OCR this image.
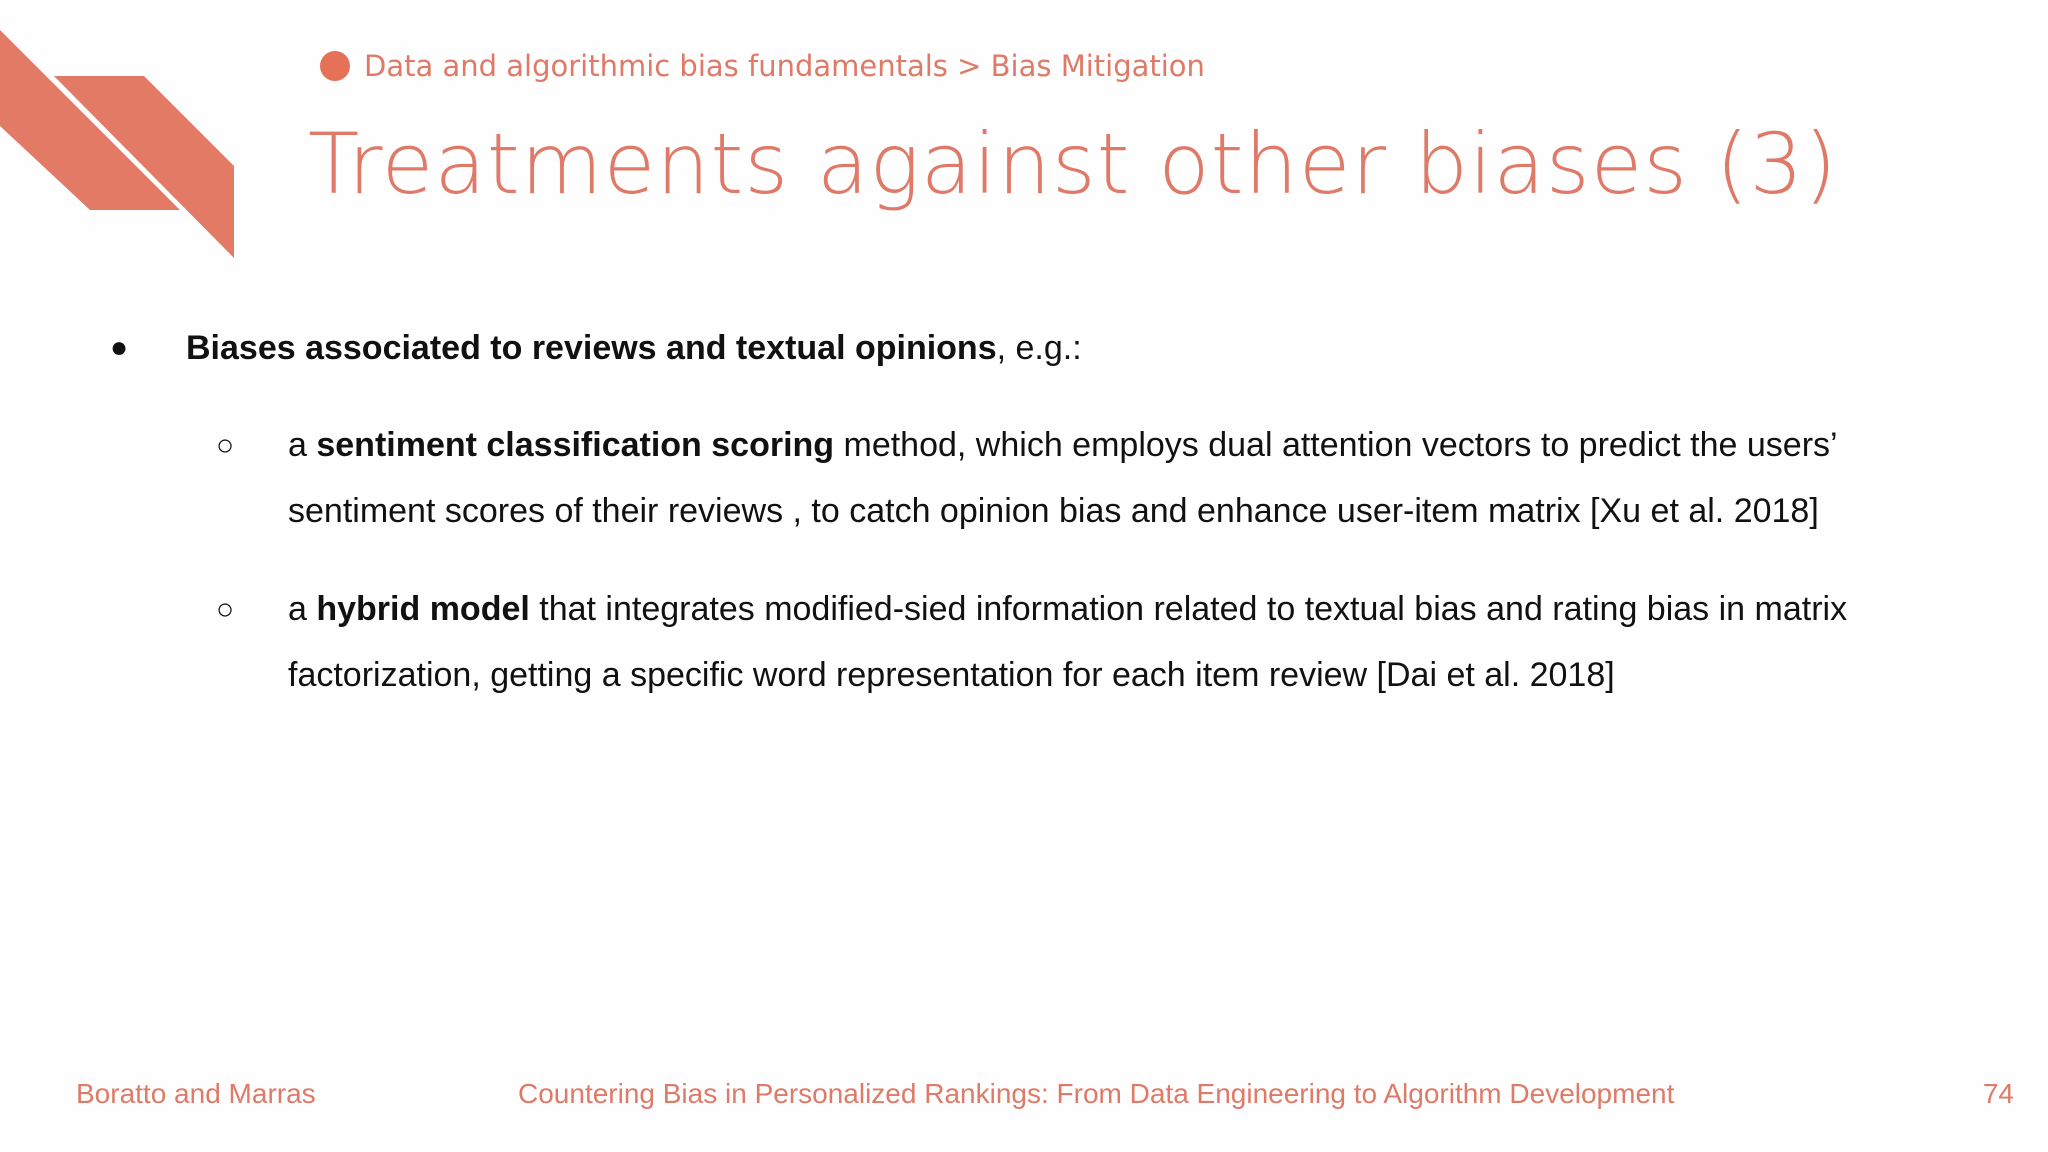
Data and algorithmic bias fundamentals > Bias Mitigation
Treatments against other biases (3)
● Biases associated to reviews and textual opinions, e.g.:
○ a sentiment classification scoring method, which employs dual attention vectors to predict the users’
sentiment scores of their reviews , to catch opinion bias and enhance user-item matrix [Xu et al. 2018]
○ a hybrid model that integrates modified-sied information related to textual bias and rating bias in matrix
factorization, getting a specific word representation for each item review [Dai et al. 2018]
Boratto and Marras	Countering Bias in Personalized Rankings: From Data Engineering to Algorithm Development	74
